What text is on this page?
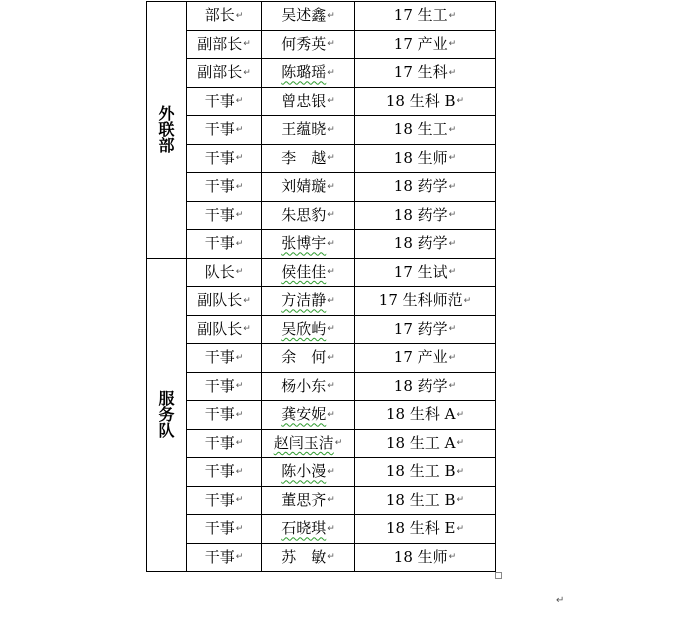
外
联
部	部长↵	吴述鑫↵	17 生工↵
	副部长↵	何秀英↵	17 产业↵
	副部长↵	陈璐瑶↵	17 生科↵
	干事↵	曾忠银↵	18 生科 B↵
	干事↵	王蕴晓↵	18 生工↵
	干事↵	李　越↵	18 生师↵
	干事↵	刘婧璇↵	18 药学↵
	干事↵	朱思豹↵	18 药学↵
	干事↵	张博宇↵	18 药学↵

服
务
队	队长↵	侯佳佳↵	17 生试↵
	副队长↵	方洁静↵	17 生科师范↵
	副队长↵	吴欣屿↵	17 药学↵
	干事↵	余　何↵	17 产业↵
	干事↵	杨小东↵	18 药学↵
	干事↵	龚安妮↵	18 生科 A↵
	干事↵	赵闫玉洁↵	18 生工 A↵
	干事↵	陈小漫↵	18 生工 B↵
	干事↵	董思齐↵	18 生工 B↵
	干事↵	石晓琪↵	18 生科 E↵
	干事↵	苏　敏↵	18 生师↵
↵
